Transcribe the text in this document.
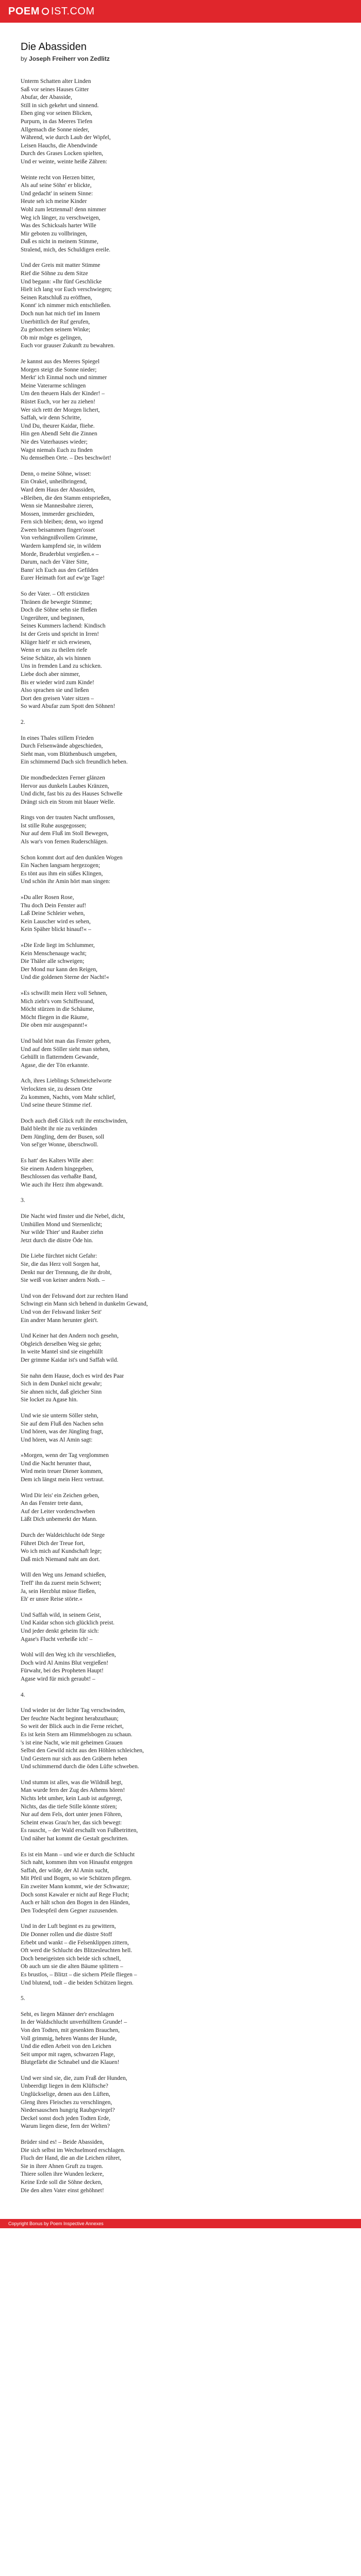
POEM IST.COM
Die Abassiden
by Joseph Freiherr von Zedlitz
Unterm Schatten alter Linden
Saß vor seines Hauses Gitter
Abufar, der Abasside,
Still in sich gekehrt und sinnend.
Eben ging vor seinen Blicken,
Purpurn, in das Meeres Tiefen
Allgemach die Sonne nieder,
Während, wie durch Laub der Wipfel,
Leisen Hauchs, die Abendwinde
Durch des Grases Locken spielten,
Und er weinte, weinte heiße Zähren:
Weinte recht von Herzen bitter,
Als auf seine Söhn' er blickte,
Und gedacht' in seinem Sinne:
Heute seh ich meine Kinder
Wohl zum letztenmal! denn nimmer
Weg ich länger, zu verschweigen,
Was des Schicksals harter Wille
Mir geboten zu vollbringen,
Daß es nicht in meinem Stimme,
Stralend, mich, des Schuldigen ereile.
Und der Greis mit matter Stimme
Rief die Söhne zu dem Sitze
Und begann: »Ihr fünf Geschlicke
Hielt ich lang vor Euch verschwiegen;
Seinen Ratschluß zu eröffnen,
Konnt' ich nimmer mich entschließen.
Doch nun hat mich tief im Innern
Unerbittlich der Ruf gerufen,
Zu gehorchen seinem Winke;
Ob mir möge es gelingen,
Euch vor grauser Zukunft zu bewahren.
Je kannst aus des Meeres Spiegel
Morgen steigt die Sonne nieder;
Merkt' ich Einmal noch und nimmer
Meine Vaterarme schlingen
Um den theuern Hals der Kinder! –
Rüstet Euch, vor her zu ziehen!
Wer sich rettt der Morgen lichert,
Saffah, wir denn Schritte,
Und Du, theurer Kaidar, fliehe.
Hin gen Abendl Seht die Zinnen
Nie des Vaterhauses wieder;
Wagst niemals Euch zu finden
Nu demselben Orte. – Des beschwört!
Denn, o meine Söhne, wisset:
Ein Orakel, unheilbringend,
Ward dem Haus der Abassiden,
»Bleiben, die den Stamm entsprießen,
Wenn sie Mannesbahre zieren,
Mossen, immerder geschieden,
Fern sich bleiben; denn, wo irgend
Zween beisammen fingen'osset
Von verhängnißvollem Grimme,
Wardern kampfend sie, in wildem
Morde, Bruderblut vergießen.« –
Darum, nach der Väter Sitte,
Bann' ich Euch aus den Gefilden
Eurer Heimath fort auf ew'ge Tage!
So der Vater. – Oft erstickten
Thränen die bewegte Stimme;
Doch die Söhne sehn sie fließen
Ungerührer, und beginnen,
Seines Kummers lachend: Kindisch
Ist der Greis und spricht in Irren!
Klüger hielt' er sich erwiesen,
Wenn er uns zu theilen riefe
Seine Schätze, als wis hinnen
Uns in fremden Land zu schicken.
Liebe doch aber nimmer,
Bis er wieder wird zum Kinde!
Also sprachen sie und ließen
Dort den greisen Vater sitzen –
So ward Abufar zum Spott den Söhnen!
2.
In eines Thales stillem Frieden
Durch Felsenwände abgeschieden,
Sieht man, vom Blüthenbusch umgeben,
Ein schimmernd Dach sich freundlich heben.
Die mondbedeckten Ferner glänzen
Hervor aus dunkeln Laubes Kränzen,
Und dicht, fast bis zu des Hauses Schwelle
Drängt sich ein Strom mit blauer Welle.
Rings von der trauten Nacht umflossen,
Ist stille Ruhe ausgegossen;
Nur auf dem Fluß im Stoll Bewegen,
Als war's von fernen Ruderschlägen.
Schon kommt dort auf den dunklen Wogen
Ein Nachen langsam hergezogen;
Es tönt aus ihm ein süßes Klingen,
Und schön ihr Amin hört man singen:
»Du aller Rosen Rose,
Thu doch Dein Fenster auf!
Laß Deine Schleier wehen,
Kein Lauscher wird es sehen,
Kein Späher blickt hinauf!« –
»Die Erde liegt im Schlummer,
Kein Menschenauge wacht;
Die Thäler alle schweigen;
Der Mond nur kann den Reigen,
Und die goldenen Sterne der Nacht!«
»Es schwillt mein Herz voll Sehnen,
Mich zieht's vom Schiffesrand,
Möcht stürzen in die Schäume,
Möcht fliegen in die Räume,
Die oben mir ausgespannt!«
Und bald hört man das Fenster gehen,
Und auf dem Söller sieht man stehen,
Gehüllt in flatterndem Gewande,
Agase, die der Tön erkannte.
Ach, ihres Lieblings Schmeichelworte
Verlockten sie, zu dessen Orte
Zu kommen, Nachts, vom Mahr schlief,
Und seine theure Stimme rief.
Doch auch dieß Glück ruft ihr entschwinden,
Bald bleibt ihr nie zu verkünden
Dem Jüngling, dem der Busen, soll
Von sel'ger Wonne, überschwoll.
Es hatt' des Kalters Wille aber:
Sie einem Andern hingegeben,
Beschlossen das verhaßte Band,
Wie auch ihr Herz ihm abgewandt.
3.
Die Nacht wird finster und die Nebel, dicht,
Umhüllen Mond und Sternenlicht;
Nur wilde Thier' und Rauber ziehn
Jetzt durch die düstre Öde hin.
Die Liebe fürchtet nicht Gefahr:
Sie, die das Herz voll Sorgen hat,
Denkt nur der Trennung, die ihr droht,
Sie weiß von keiner andern Noth. –
Und von der Felswand dort zur rechten Hand
Schwingt ein Mann sich behend in dunkelm Gewand,
Und von der Felswand linker Seit'
Ein andrer Mann herunter gleit't.
Und Keiner hat den Andern noch gesehn,
Obgleich derselben Weg sie gehn;
In weite Mantel sind sie eingehüllt
Der grimme Kaidar ist's und Saffah wild.
Sie nahn dem Hause, doch es wird des Paar
Sich in dem Dunkel nicht gewahr;
Sie ahnen nicht, daß gleicher Sinn
Sie locket zu Agase hin.
Und wie sie unterm Söller stehn,
Sie auf dem Fluß den Nachen sehn
Und hören, was der Jüngling fragt,
Und hören, was Al Amin sagt:
»Morgen, wenn der Tag verglommen
Und die Nacht herunter thaut,
Wird mein treuer Diener kommen,
Dem ich längst mein Herz vertraut.
Wird Dir leis' ein Zeichen geben,
An das Fenster trete dann,
Auf der Leiter vorderschweben
Läßt Dich unbemerkt der Mann.
Durch der Waldeichlucht öde Stege
Führet Dich der Treue fort,
Wo ich mich auf Kundschaft lege;
Daß mich Niemand naht am dort.
Will den Weg uns Jemand schießen,
Treff' ihn da zuerst mein Schwert;
Ja, sein Herzblut müsse fließen,
Eh' er unsre Reise störte.«
Und Saffah wild, in seinem Geist,
Und Kaidar schon sich glücklich preist.
Und jeder denkt geheim für sich:
Agase's Flucht verheiße ich! –
Wohl will den Weg ich ihr verschließen,
Doch wird Al Amins Blut vergießen!
Fürwahr, bei des Propheten Haupt!
Agase wird für mich geraubt! –
4.
Und wieder ist der lichte Tag verschwinden,
Der feuchte Nacht beginnt herabzuthaun;
So weit der Blick auch in die Ferne reichet,
Es ist kein Stern am Himmelsbogen zu schaun.
's ist eine Nacht, wie mit geheimen Grauen
Selbst den Gewild nicht aus den Höhlen schleichen,
Und Gestern nur sich aus den Gräbern heben
Und schimmernd durch die öden Lüfte schweben.
Und stumm ist alles, was die Wildniß hegt,
Man wurde fern der Zug des Athems hören!
Nichts lebt umher, kein Laub ist aufgeregt,
Nichts, das die tiefe Stille könnte stören;
Nur auf dem Fels, dort unter jenen Föhren,
Scheint etwas Grau'n her, das sich bewegt:
Es rauscht, – der Wald erschallt von Fußbetritten,
Und näher hat kommt die Gestalt geschritten.
Es ist ein Mann – und wie er durch die Schlucht
Sich naht, kommen ihm von Hinaufst entgegen
Saffah, der wilde, der Al Amin sucht,
Mit Pfeil und Bogen, so wie Schützen pflegen.
Ein zweiter Mann kommt, wie der Schwanze;
Doch sonst Kawaler er nicht auf Rege Flucht;
Auch er hält schon den Bogen in den Händen,
Den Todespfeil dem Gegner zuzusenden.
Und in der Luft beginnt es zu gewittern,
Die Donner rollen und die düstre Stoff
Erbebt und wankt – die Felsenklippen zittern,
Oft werd die Schlucht des Blitzesleuchten hell.
Doch beneigeisten sich beide sich schnell,
Ob auch um sie die alten Bäume splittern –
Es brustlos, – Blitzt – die sichern Pfeile fliegen –
Und blutend, todt – die beiden Schützen liegen.
5.
Seht, es liegen Männer der'r erschlagen
In der Waldschlucht unverhülltem Grunde! –
Von den Todten, mit gesenkten Brauchen,
Voll grimmig, hehren Wanns der Hunde,
Und die edlen Arbeit von den Leichen
Seit umpor mit ragen, schwarzen Flage,
Blutgefärbt die Schnabel und die Klauen!
Und wer sind sie, die, zum Fraß der Hunden,
Unbeerdigt liegen in dem Klüftsche?
Unglückselige, denen aus den Lüften,
Gleng ihres Fleisches zu verschlingen,
Niedersauschen hungrig Raubgeviegel?
Deckel sonst doch jeden Todten Erde,
Warum liegen diese, fern der Welten?
Brüder sind es! – Beide Abassiden,
Die sich selbst im Wechselmord erschlagen.
Fluch der Hand, die an die Leichen rühret,
Sie in ihrer Ahnen Gruft zu tragen.
Thiere sollen ihre Wunden leckere,
Keine Erde soll die Söhne decken,
Die den alten Vater einst gehöhnet!
Copyright Bonus by Poem Inspective Annexes
